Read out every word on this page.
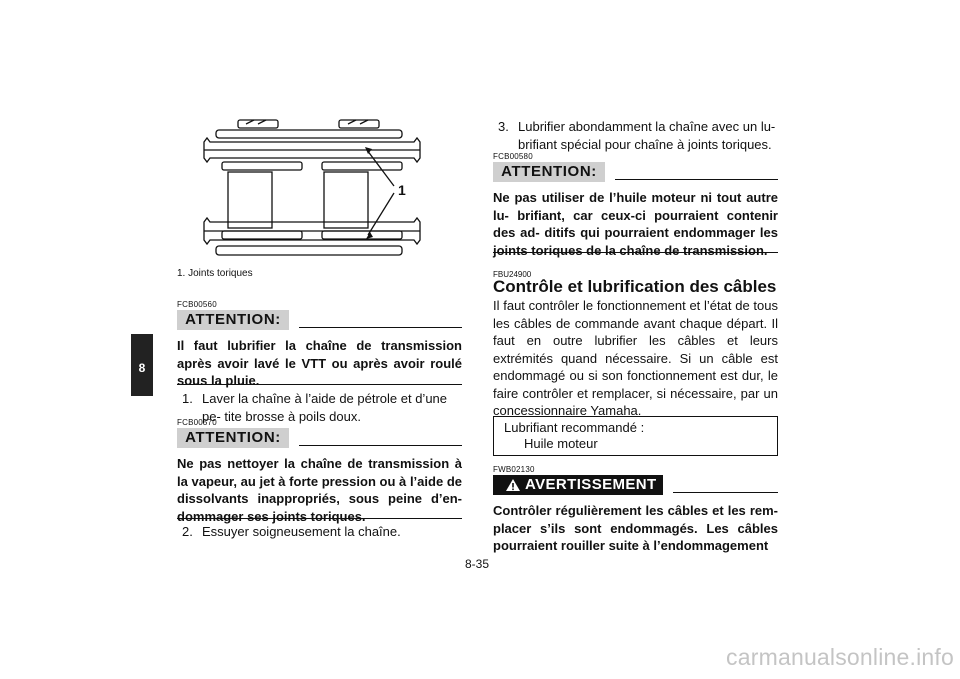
8
1
1. Joints toriques
FCB00560
ATTENTION:
Il faut lubrifier la chaîne de transmission après avoir lavé le VTT ou après avoir roulé sous la pluie.
1. Laver la chaîne à l’aide de pétrole et d’une pe- tite brosse à poils doux.
FCB00570
ATTENTION:
Ne pas nettoyer la chaîne de transmission à la vapeur, au jet à forte pression ou à l’aide de dissolvants inappropriés, sous peine d’en- dommager ses joints toriques.
2. Essuyer soigneusement la chaîne.
3. Lubrifier abondamment la chaîne avec un lu- brifiant spécial pour chaîne à joints toriques.
FCB00580
ATTENTION:
Ne pas utiliser de l’huile moteur ni tout autre lu- brifiant, car ceux-ci pourraient contenir des ad- ditifs qui pourraient endommager les joints toriques de la chaîne de transmission.
FBU24900
Contrôle et lubrification des câbles
Il faut contrôler le fonctionnement et l’état de tous les câbles de commande avant chaque départ. Il faut en outre lubrifier les câbles et leurs extrémités quand nécessaire. Si un câble est endommagé ou si son fonctionnement est dur, le faire contrôler et remplacer, si nécessaire, par un concessionnaire Yamaha.
Lubrifiant recommandé :
Huile moteur
FWB02130
AVERTISSEMENT
Contrôler régulièrement les câbles et les rem- placer s’ils sont endommagés. Les câbles pourraient rouiller suite à l’endommagement
8-35
carmanualsonline.info
